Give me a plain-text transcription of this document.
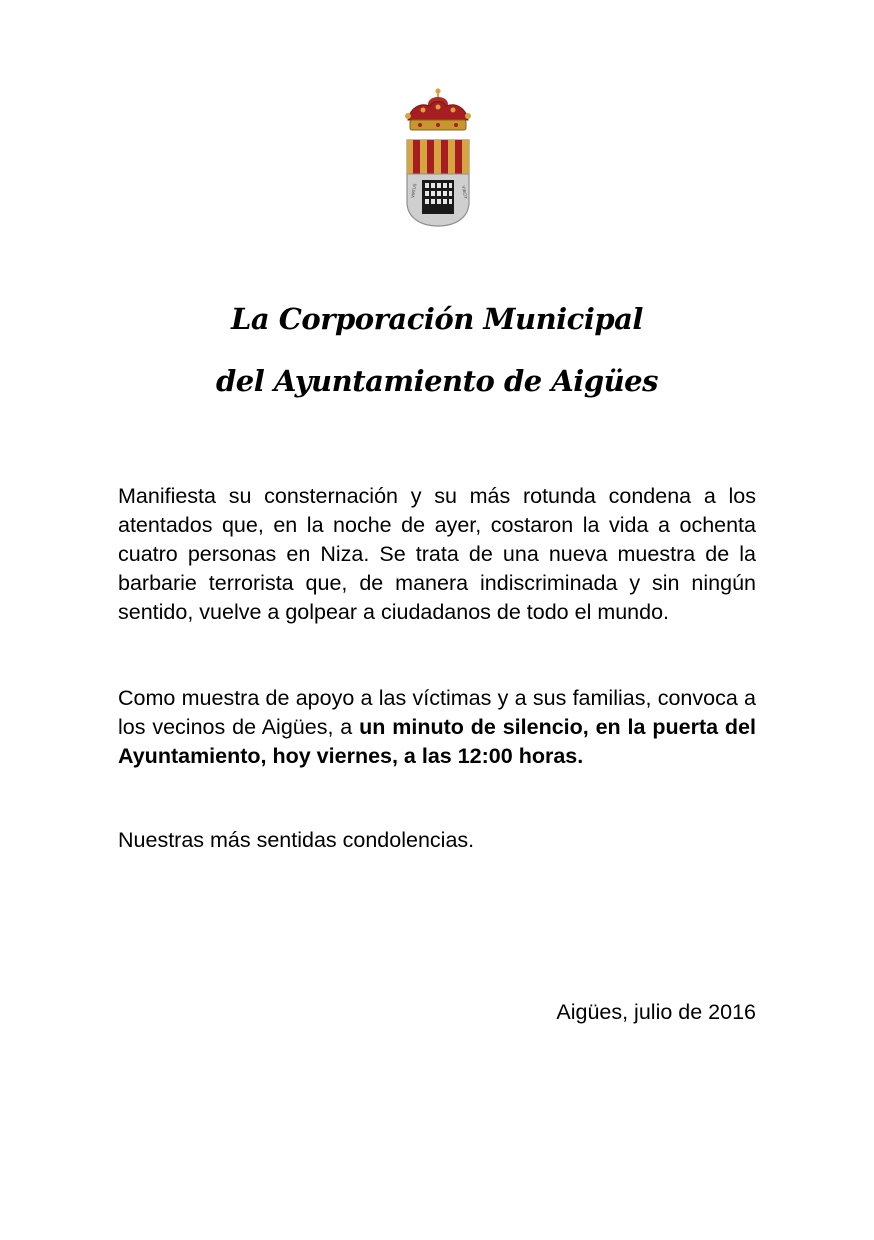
VIRTUS	VINCIT
La Corporación Municipal
del Ayuntamiento de Aigües

Manifiesta su consternación y su más rotunda condena a los atentados que, en la noche de ayer, costaron la vida a ochenta cuatro personas en Niza. Se trata de una nueva muestra de la barbarie terrorista que, de manera indiscriminada y sin ningún sentido, vuelve a golpear a ciudadanos de todo el mundo.

Como muestra de apoyo a las víctimas y a sus familias, convoca a los vecinos de Aigües, a un minuto de silencio, en la puerta del Ayuntamiento, hoy viernes, a las 12:00 horas.

Nuestras más sentidas condolencias.

Aigües, julio de 2016
